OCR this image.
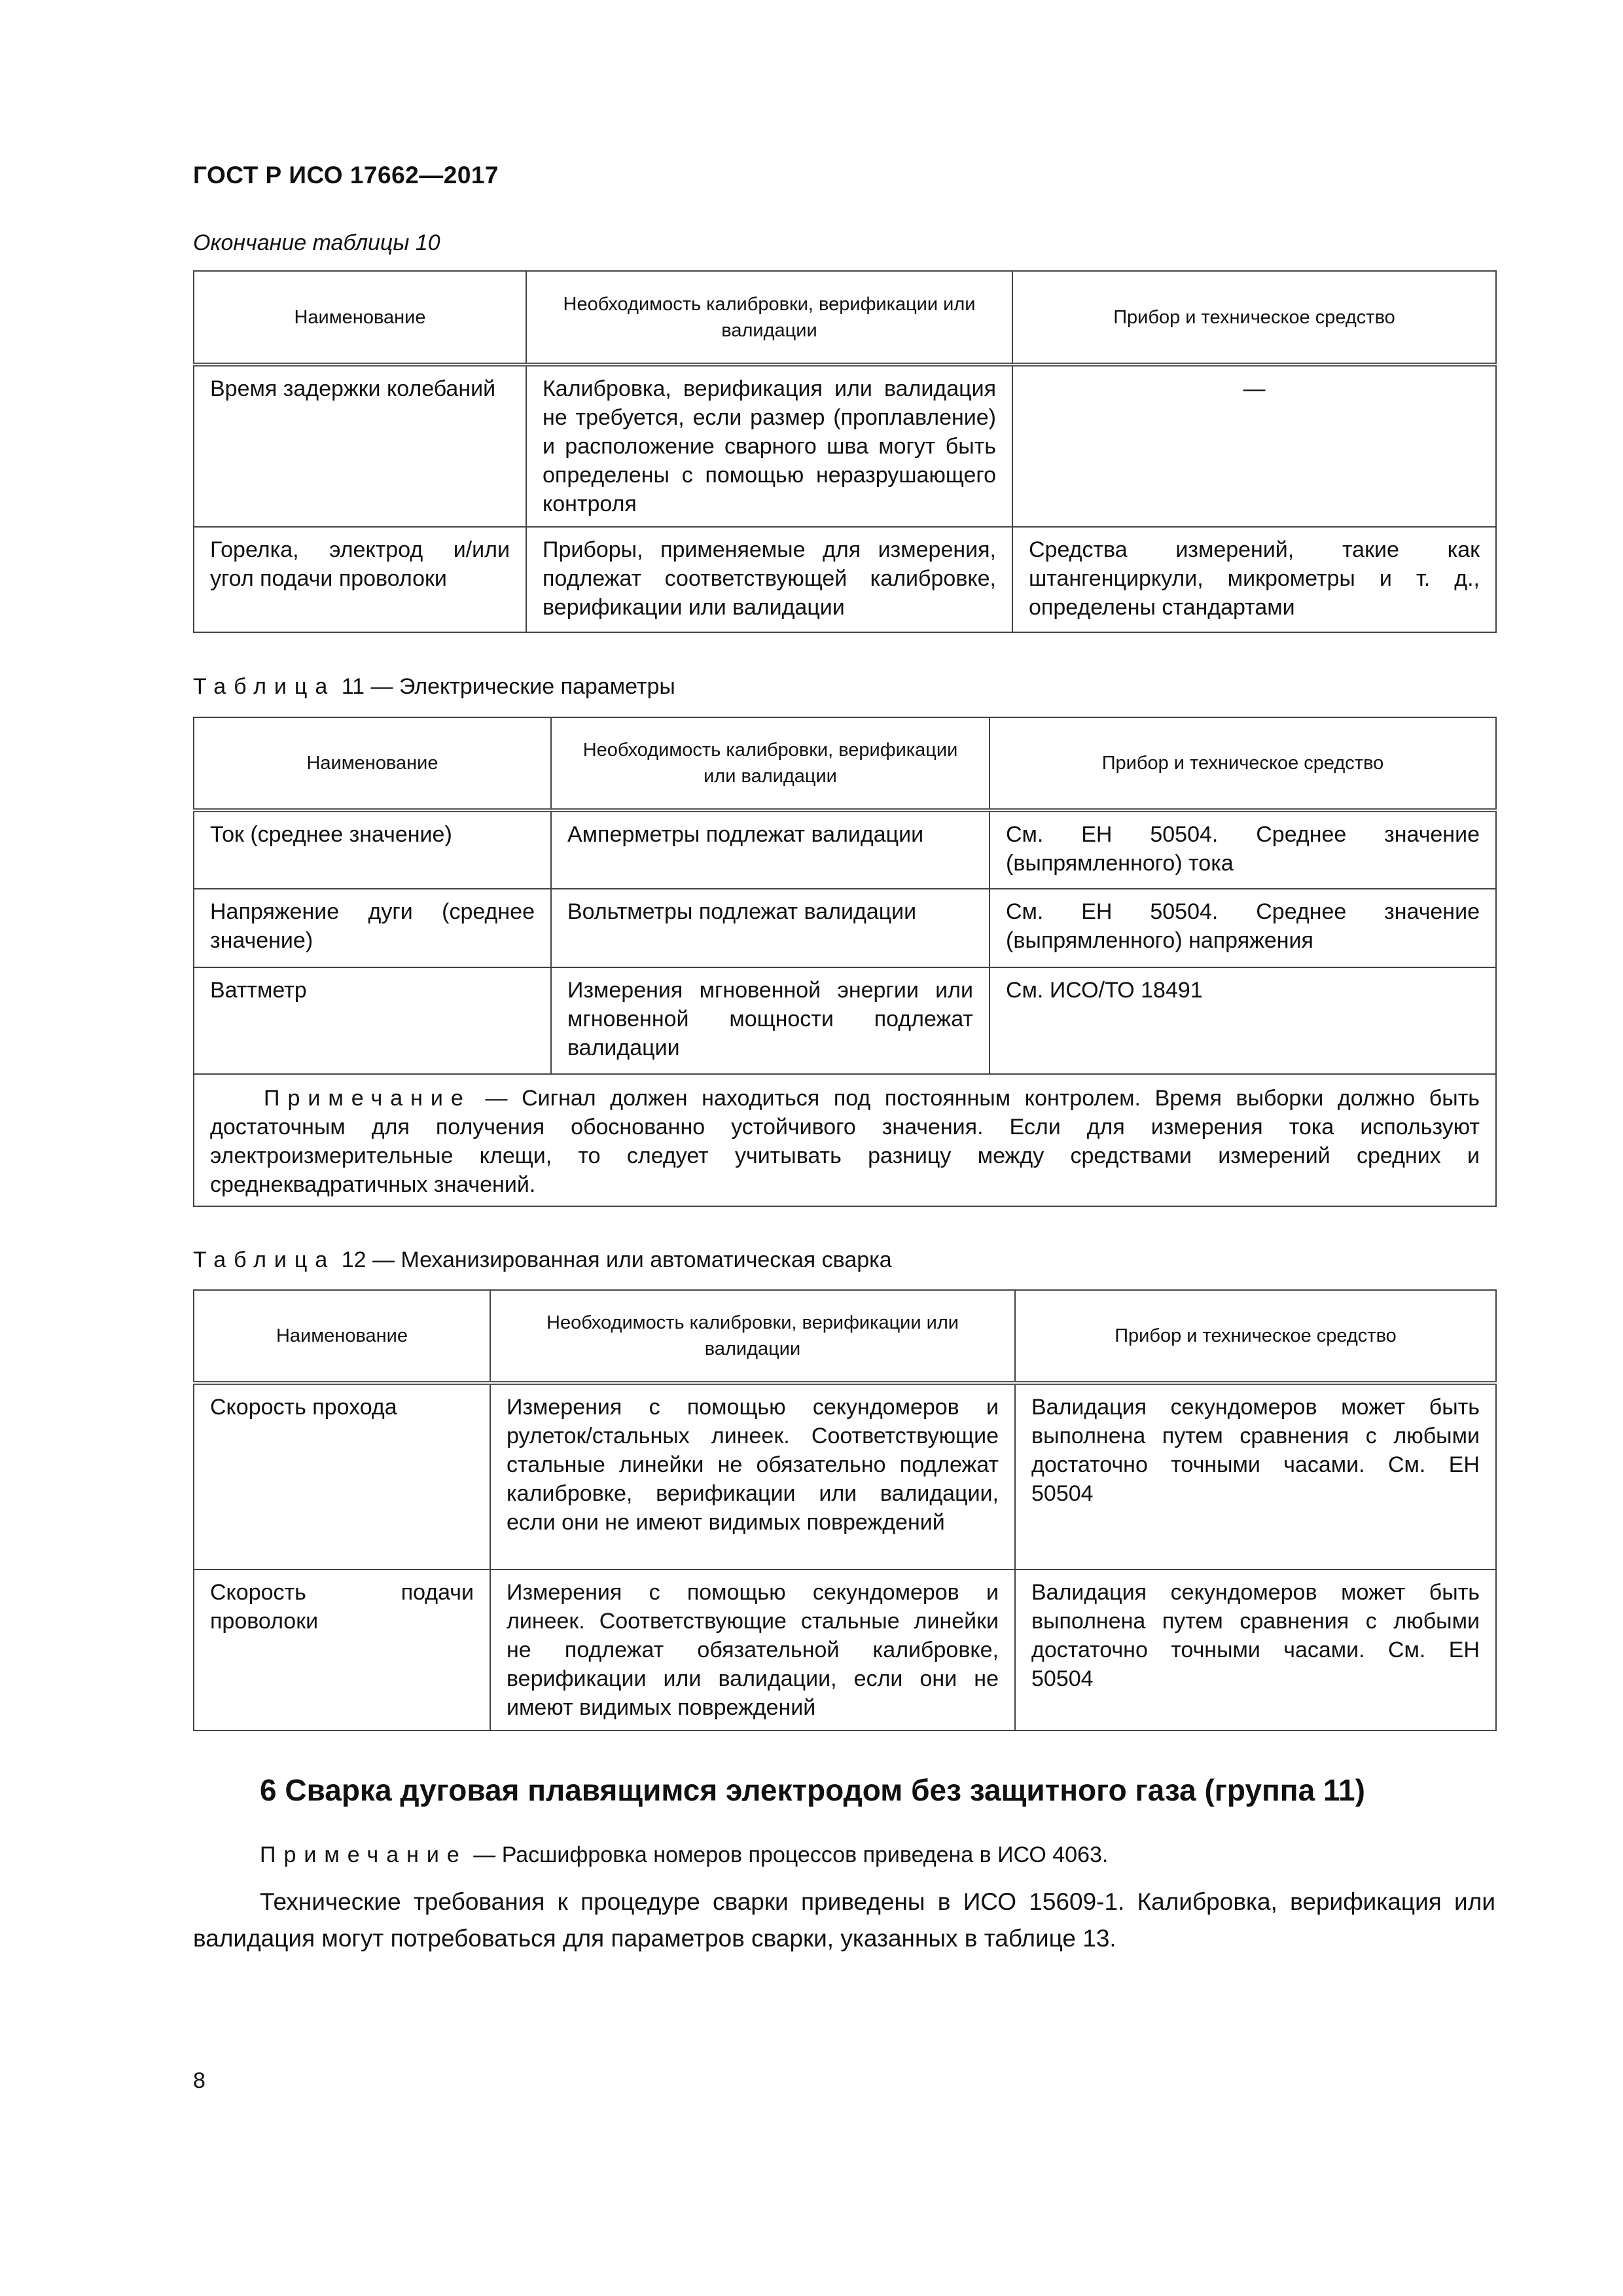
ГОСТ Р ИСО 17662—2017
Окончание таблицы 10
Наименование	Необходимость калибровки, верификации или валидации	Прибор и техническое средство
Время задержки колебаний	Калибровка, верификация или валидация не требуется, если размер (проплавление) и расположение сварного шва могут быть определены с помощью неразрушающего контроля	—
Горелка, электрод и/или угол подачи проволоки	Приборы, применяемые для измерения, подлежат соответствующей калибровке, верификации или валидации	Средства измерений, такие как штангенциркули, микрометры и т. д., определены стандартами
Таблица 11 — Электрические параметры
Наименование	Необходимость калибровки, верификации или валидации	Прибор и техническое средство
Ток (среднее значение)	Амперметры подлежат валидации	См. ЕН 50504. Среднее значение (выпрямленного) тока
Напряжение дуги (среднее значение)	Вольтметры подлежат валидации	См. ЕН 50504. Среднее значение (выпрямленного) напряжения
Ваттметр	Измерения мгновенной энергии или мгновенной мощности подлежат валидации	См. ИСО/ТО 18491
Примечание — Сигнал должен находиться под постоянным контролем. Время выборки должно быть достаточным для получения обоснованно устойчивого значения. Если для измерения тока используют электроизмерительные клещи, то следует учитывать разницу между средствами измерений средних и среднеквадратичных значений.		
Таблица 12 — Механизированная или автоматическая сварка
Наименование	Необходимость калибровки, верификации или валидации	Прибор и техническое средство
Скорость прохода	Измерения с помощью секундомеров и рулеток/стальных линеек. Соответствующие стальные линейки не обязательно подлежат калибровке, верификации или валидации, если они не имеют видимых повреждений	Валидация секундомеров может быть выполнена путем сравнения с любыми достаточно точными часами. См. ЕН 50504
Скорость подачи проволоки	Измерения с помощью секундомеров и линеек. Соответствующие стальные линейки не подлежат обязательной калибровке, верификации или валидации, если они не имеют видимых повреждений	Валидация секундомеров может быть выполнена путем сравнения с любыми достаточно точными часами. См. ЕН 50504
6 Сварка дуговая плавящимся электродом без защитного газа (группа 11)
Примечание — Расшифровка номеров процессов приведена в ИСО 4063.
Технические требования к процедуре сварки приведены в ИСО 15609-1. Калибровка, верификация или валидация могут потребоваться для параметров сварки, указанных в таблице 13.
8
